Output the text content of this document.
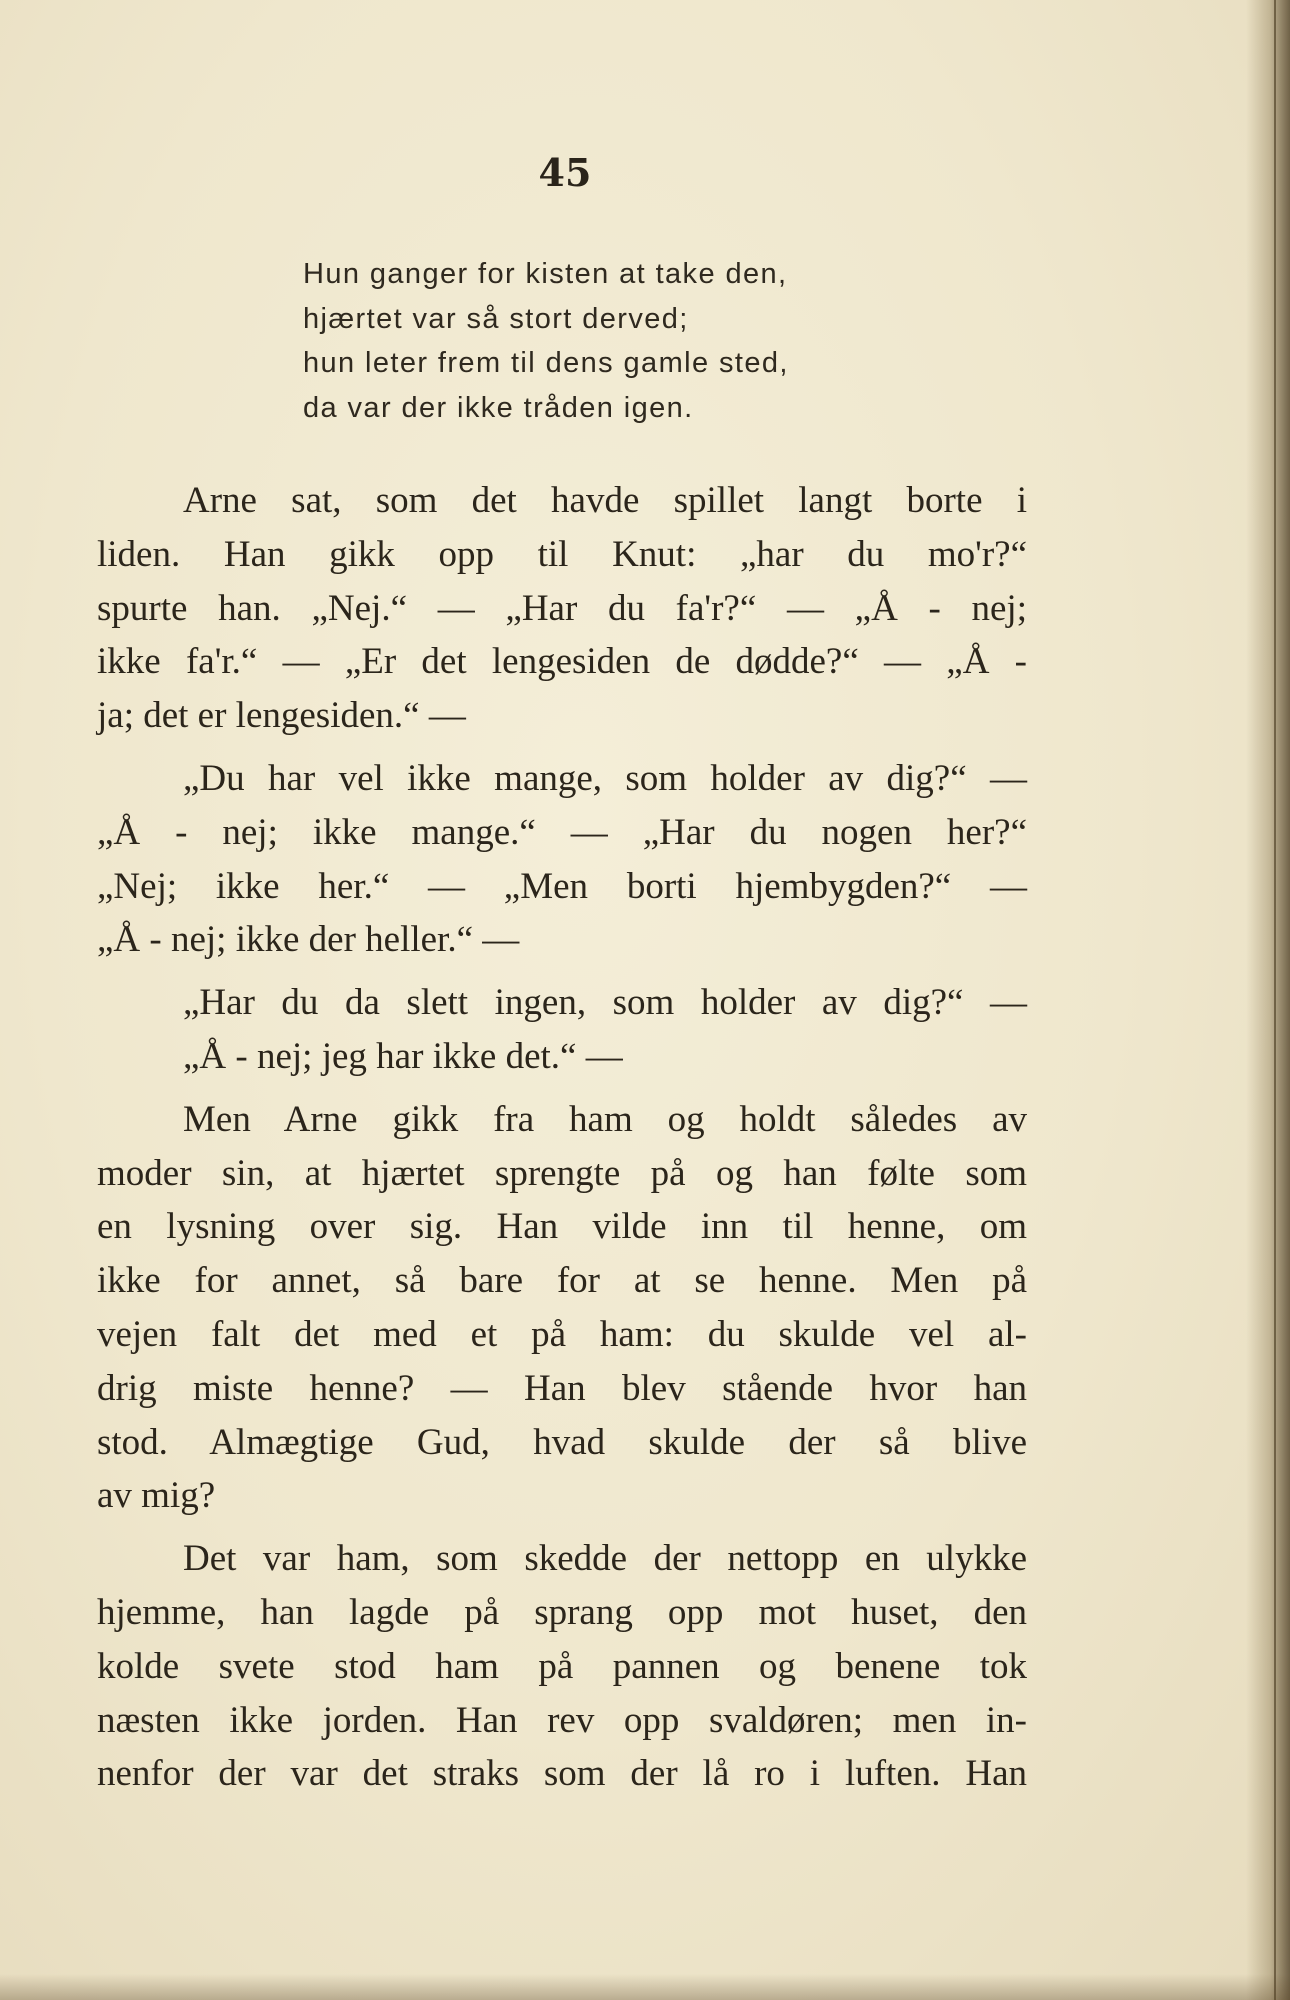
45
Hun ganger for kisten at take den,
hjærtet var så stort derved;
hun leter frem til dens gamle sted,
da var der ikke tråden igen.
Arne sat, som det havde spillet langt borte i
liden. Han gikk opp til Knut: „har du mo'r?“
spurte han. „Nej.“ — „Har du fa'r?“ — „Å - nej;
ikke fa'r.“ — „Er det lengesiden de døddе?“ — „Å -
ja; det er lengesiden.“ —
„Du har vel ikke mange, som holder av dig?“ —
„Å - nej; ikke mange.“ — „Har du nogen her?“
„Nej; ikke her.“ — „Men borti hjembygden?“ —
„Å - nej; ikke der heller.“ —
„Har du da slett ingen, som holder av dig?“ —
„Å - nej; jeg har ikke det.“ —
Men Arne gikk fra ham og holdt således av
moder sin, at hjærtet sprengte på og han følte som
en lysning over sig. Han vilde inn til henne, om
ikke for annet, så bare for at se henne. Men på
vejen falt det med et på ham: du skulde vel al-
drig miste henne? — Han blev stående hvor han
stod. Almægtige Gud, hvad skulde der så blive
av mig?
Det var ham, som skedde der nettopp en ulykke
hjemme, han lagde på sprang opp mot huset, den
kolde svete stod ham på pannen og benene tok
næsten ikke jorden. Han rev opp svaldøren; men in-
nenfor der var det straks som der lå ro i luften. Han
